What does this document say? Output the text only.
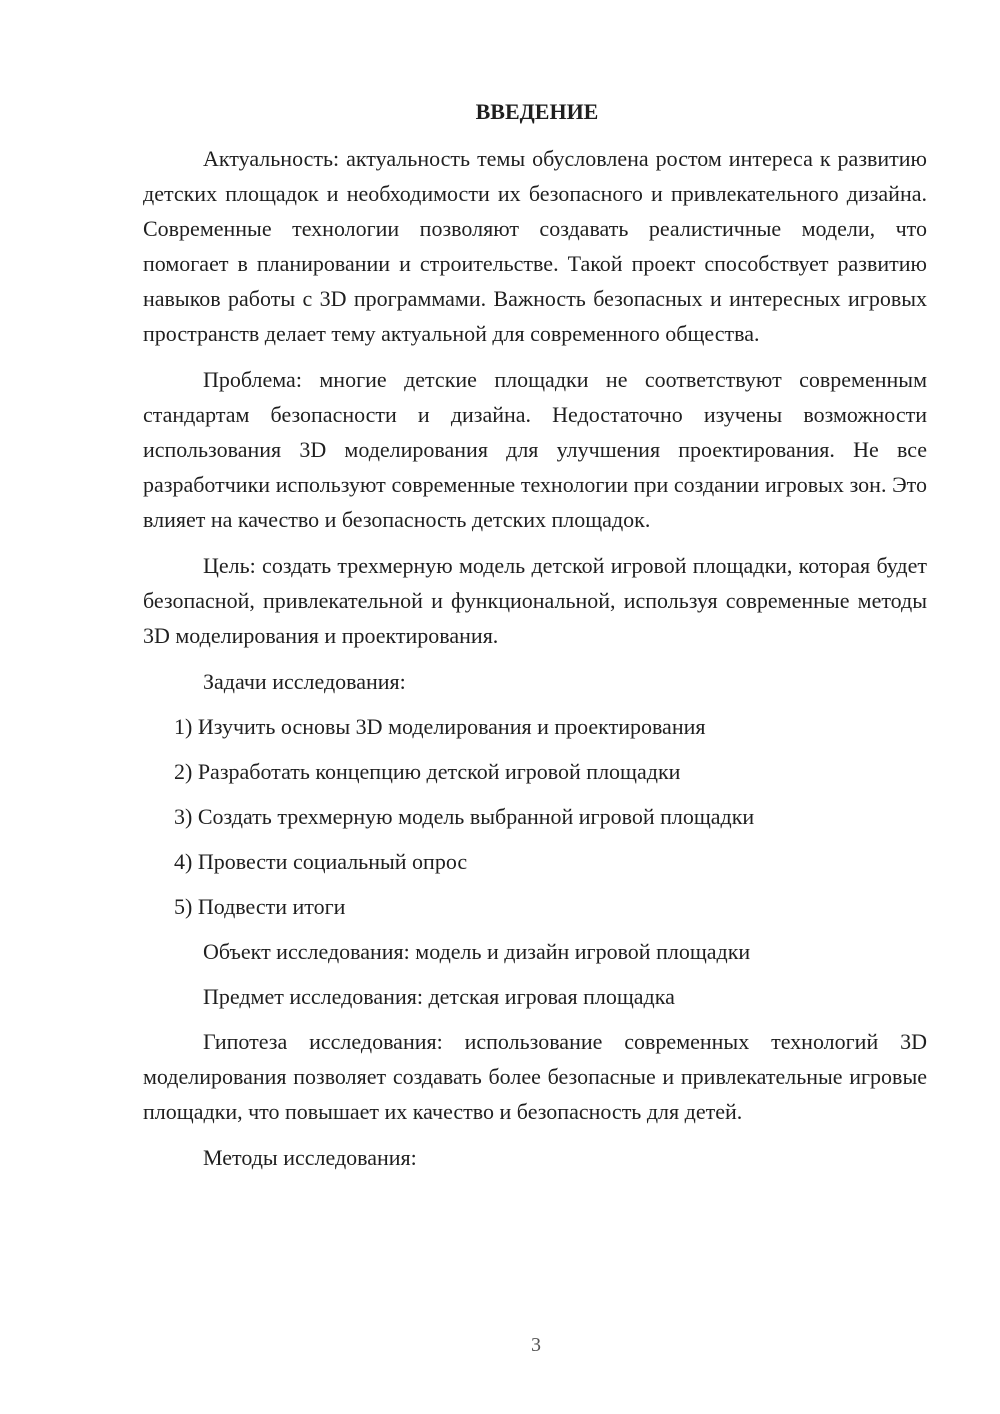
ВВЕДЕНИЕ

Актуальность: актуальность темы обусловлена ростом интереса к развитию детских площадок и необходимости их безопасного и привлекательного дизайна. Современные технологии позволяют создавать реалистичные модели, что помогает в планировании и строительстве. Такой проект способствует развитию навыков работы с 3D программами. Важность безопасных и интересных игровых пространств делает тему актуальной для современного общества.

Проблема: многие детские площадки не соответствуют современным стандартам безопасности и дизайна. Недостаточно изучены возможности использования 3D моделирования для улучшения проектирования. Не все разработчики используют современные технологии при создании игровых зон. Это влияет на качество и безопасность детских площадок.

Цель: создать трехмерную модель детской игровой площадки, которая будет безопасной, привлекательной и функциональной, используя современные методы 3D моделирования и проектирования.

Задачи исследования:

1) Изучить основы 3D моделирования и проектирования
2) Разработать концепцию детской игровой площадки
3) Создать трехмерную модель выбранной игровой площадки
4) Провести социальный опрос
5) Подвести итоги

Объект исследования: модель и дизайн игровой площадки

Предмет исследования: детская игровая площадка

Гипотеза исследования: использование современных технологий 3D моделирования позволяет создавать более безопасные и привлекательные игровые площадки, что повышает их качество и безопасность для детей.

Методы исследования:

3
